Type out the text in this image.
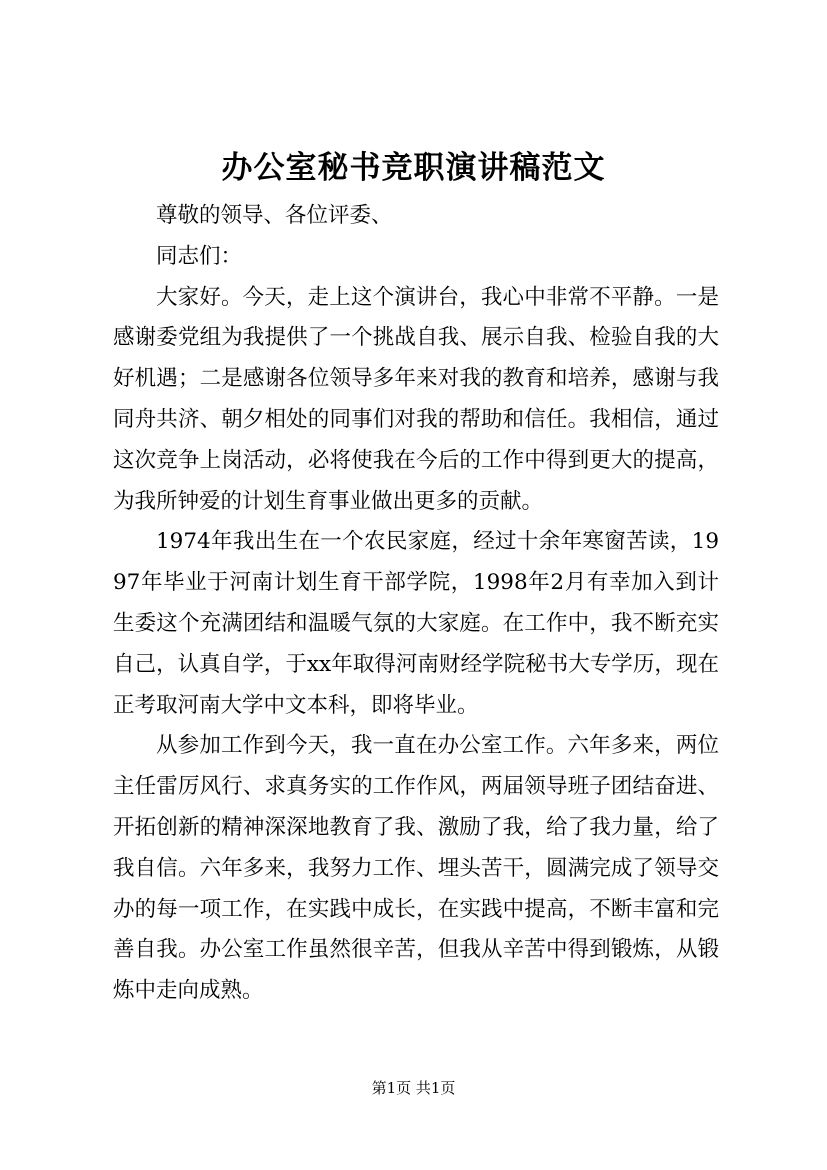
办公室秘书竞职演讲稿范文

尊敬的领导、各位评委、

同志们：

大家好。今天，走上这个演讲台，我心中非常不平静。一是感谢委党组为我提供了一个挑战自我、展示自我、检验自我的大好机遇；二是感谢各位领导多年来对我的教育和培养，感谢与我同舟共济、朝夕相处的同事们对我的帮助和信任。我相信，通过这次竞争上岗活动，必将使我在今后的工作中得到更大的提高，为我所钟爱的计划生育事业做出更多的贡献。

1974年我出生在一个农民家庭，经过十余年寒窗苦读，1997年毕业于河南计划生育干部学院，1998年2月有幸加入到计生委这个充满团结和温暖气氛的大家庭。在工作中，我不断充实自己，认真自学，于xx年取得河南财经学院秘书大专学历，现在正考取河南大学中文本科，即将毕业。

从参加工作到今天，我一直在办公室工作。六年多来，两位主任雷厉风行、求真务实的工作作风，两届领导班子团结奋进、开拓创新的精神深深地教育了我、激励了我，给了我力量，给了我自信。六年多来，我努力工作、埋头苦干，圆满完成了领导交办的每一项工作，在实践中成长，在实践中提高，不断丰富和完善自我。办公室工作虽然很辛苦，但我从辛苦中得到锻炼，从锻炼中走向成熟。

第1页 共1页
